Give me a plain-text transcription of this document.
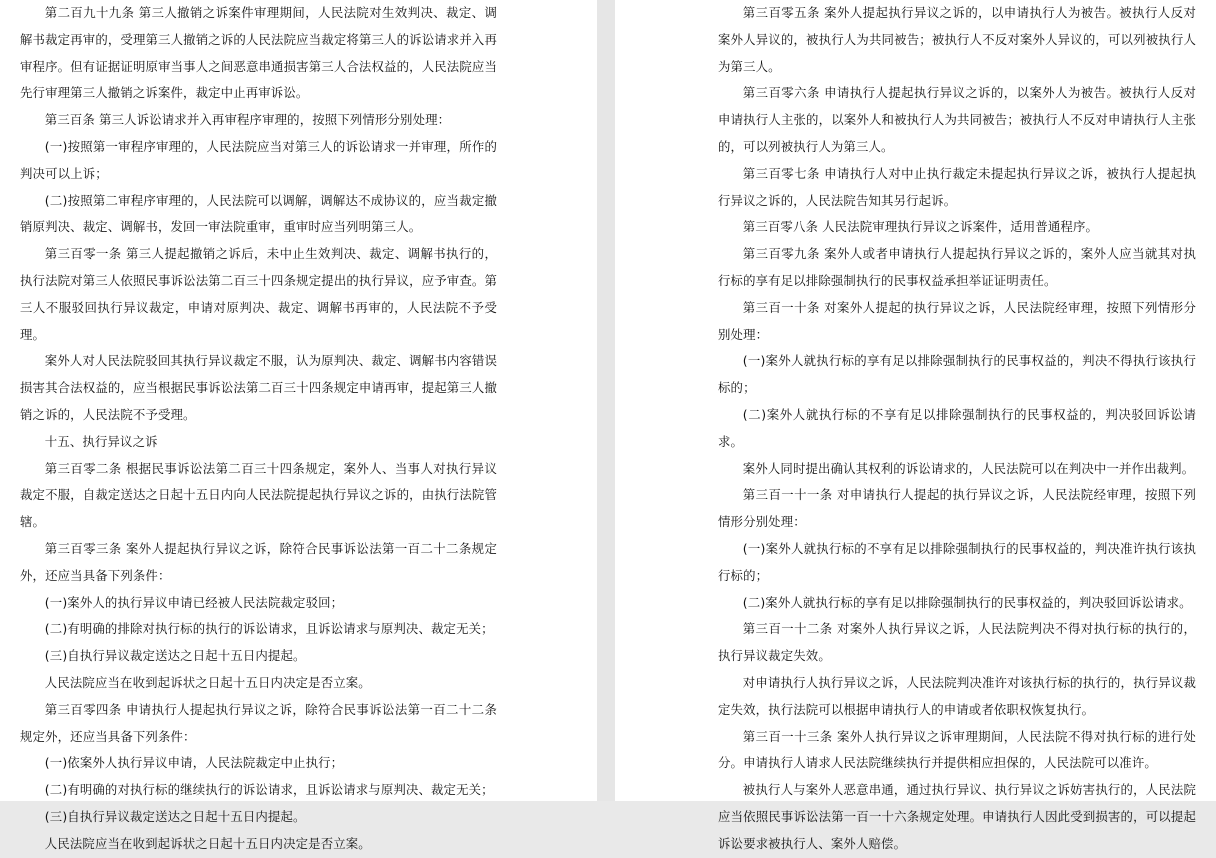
第二百九十九条 第三人撤销之诉案件审理期间，人民法院对生效判决、裁定、调解书裁定再审的，受理第三人撤销之诉的人民法院应当裁定将第三人的诉讼请求并入再审程序。但有证据证明原审当事人之间恶意串通损害第三人合法权益的，人民法院应当先行审理第三人撤销之诉案件，裁定中止再审诉讼。

第三百条 第三人诉讼请求并入再审程序审理的，按照下列情形分别处理：

(一)按照第一审程序审理的，人民法院应当对第三人的诉讼请求一并审理，所作的判决可以上诉；

(二)按照第二审程序审理的，人民法院可以调解，调解达不成协议的，应当裁定撤销原判决、裁定、调解书，发回一审法院重审，重审时应当列明第三人。

第三百零一条 第三人提起撤销之诉后，未中止生效判决、裁定、调解书执行的，执行法院对第三人依照民事诉讼法第二百三十四条规定提出的执行异议，应予审查。第三人不服驳回执行异议裁定，申请对原判决、裁定、调解书再审的，人民法院不予受理。

案外人对人民法院驳回其执行异议裁定不服，认为原判决、裁定、调解书内容错误损害其合法权益的，应当根据民事诉讼法第二百三十四条规定申请再审，提起第三人撤销之诉的，人民法院不予受理。

十五、执行异议之诉

第三百零二条 根据民事诉讼法第二百三十四条规定，案外人、当事人对执行异议裁定不服，自裁定送达之日起十五日内向人民法院提起执行异议之诉的，由执行法院管辖。

第三百零三条 案外人提起执行异议之诉，除符合民事诉讼法第一百二十二条规定外，还应当具备下列条件：

(一)案外人的执行异议申请已经被人民法院裁定驳回；

(二)有明确的排除对执行标的执行的诉讼请求，且诉讼请求与原判决、裁定无关；

(三)自执行异议裁定送达之日起十五日内提起。

人民法院应当在收到起诉状之日起十五日内决定是否立案。

第三百零四条 申请执行人提起执行异议之诉，除符合民事诉讼法第一百二十二条规定外，还应当具备下列条件：

(一)依案外人执行异议申请，人民法院裁定中止执行；

(二)有明确的对执行标的继续执行的诉讼请求，且诉讼请求与原判决、裁定无关；

(三)自执行异议裁定送达之日起十五日内提起。

人民法院应当在收到起诉状之日起十五日内决定是否立案。

第三百零五条 案外人提起执行异议之诉的，以申请执行人为被告。被执行人反对案外人异议的，被执行人为共同被告；被执行人不反对案外人异议的，可以列被执行人为第三人。

第三百零六条 申请执行人提起执行异议之诉的，以案外人为被告。被执行人反对申请执行人主张的，以案外人和被执行人为共同被告；被执行人不反对申请执行人主张的，可以列被执行人为第三人。

第三百零七条 申请执行人对中止执行裁定未提起执行异议之诉，被执行人提起执行异议之诉的，人民法院告知其另行起诉。

第三百零八条 人民法院审理执行异议之诉案件，适用普通程序。

第三百零九条 案外人或者申请执行人提起执行异议之诉的，案外人应当就其对执行标的享有足以排除强制执行的民事权益承担举证证明责任。

第三百一十条 对案外人提起的执行异议之诉，人民法院经审理，按照下列情形分别处理：

(一)案外人就执行标的享有足以排除强制执行的民事权益的，判决不得执行该执行标的；

(二)案外人就执行标的不享有足以排除强制执行的民事权益的，判决驳回诉讼请求。

案外人同时提出确认其权利的诉讼请求的，人民法院可以在判决中一并作出裁判。

第三百一十一条 对申请执行人提起的执行异议之诉，人民法院经审理，按照下列情形分别处理：

(一)案外人就执行标的不享有足以排除强制执行的民事权益的，判决准许执行该执行标的；

(二)案外人就执行标的享有足以排除强制执行的民事权益的，判决驳回诉讼请求。

第三百一十二条 对案外人执行异议之诉，人民法院判决不得对执行标的执行的，执行异议裁定失效。

对申请执行人执行异议之诉，人民法院判决准许对该执行标的执行的，执行异议裁定失效，执行法院可以根据申请执行人的申请或者依职权恢复执行。

第三百一十三条 案外人执行异议之诉审理期间，人民法院不得对执行标的进行处分。申请执行人请求人民法院继续执行并提供相应担保的，人民法院可以准许。

被执行人与案外人恶意串通，通过执行异议、执行异议之诉妨害执行的，人民法院应当依照民事诉讼法第一百一十六条规定处理。申请执行人因此受到损害的，可以提起诉讼要求被执行人、案外人赔偿。
